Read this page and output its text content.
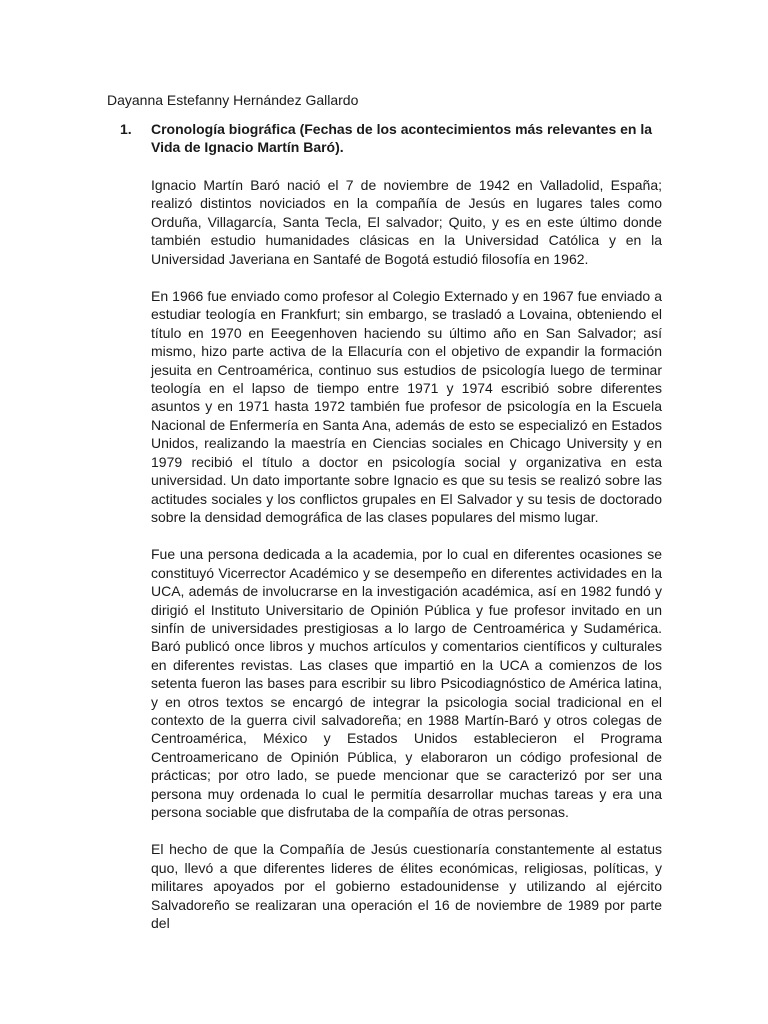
Dayanna Estefanny Hernández Gallardo
1.	Cronología biográfica (Fechas de los acontecimientos más relevantes en la Vida de Ignacio Martín Baró).

Ignacio Martín Baró nació el 7 de noviembre de 1942 en Valladolid, España; realizó distintos noviciados en la compañía de Jesús en lugares tales como Orduña, Villagarcía, Santa Tecla, El salvador; Quito, y es en este último donde también estudio humanidades clásicas en la Universidad Católica y en la Universidad Javeriana en Santafé de Bogotá estudió filosofía en 1962.

En 1966 fue enviado como profesor al Colegio Externado y en 1967 fue enviado a estudiar teología en Frankfurt; sin embargo, se trasladó a Lovaina, obteniendo el título en 1970 en Eeegenhoven haciendo su último año en San Salvador; así mismo, hizo parte activa de la Ellacuría con el objetivo de expandir la formación jesuita en Centroamérica, continuo sus estudios de psicología luego de terminar teología en el lapso de tiempo entre 1971 y 1974 escribió sobre diferentes asuntos y en 1971 hasta 1972 también fue profesor de psicología en la Escuela Nacional de Enfermería en Santa Ana, además de esto se especializó en Estados Unidos, realizando la maestría en Ciencias sociales en Chicago University y en 1979 recibió el título a doctor en psicología social y organizativa en esta universidad. Un dato importante sobre Ignacio es que su tesis se realizó sobre las actitudes sociales y los conflictos grupales en El Salvador y su tesis de doctorado sobre la densidad demográfica de las clases populares del mismo lugar.

Fue una persona dedicada a la academia, por lo cual en diferentes ocasiones se constituyó Vicerrector Académico y se desempeño en diferentes actividades en la UCA, además de involucrarse en la investigación académica, así en 1982 fundó y dirigió el Instituto Universitario de Opinión Pública y fue profesor invitado en un sinfín de universidades prestigiosas a lo largo de Centroamérica y Sudamérica. Baró publicó once libros y muchos artículos y comentarios científicos y culturales en diferentes revistas. Las clases que impartió en la UCA a comienzos de los setenta fueron las bases para escribir su libro Psicodiagnóstico de América latina, y en otros textos se encargó de integrar la psicologia social tradicional en el contexto de la guerra civil salvadoreña; en 1988 Martín-Baró y otros colegas de Centroamérica, México y Estados Unidos establecieron el Programa Centroamericano de Opinión Pública, y elaboraron un código profesional de prácticas; por otro lado, se puede mencionar que se caracterizó por ser una persona muy ordenada lo cual le permitía desarrollar muchas tareas y era una persona sociable que disfrutaba de la compañía de otras personas.

El hecho de que la Compañía de Jesús cuestionaría constantemente al estatus quo, llevó a que diferentes lideres de élites económicas, religiosas, políticas, y militares apoyados por el gobierno estadounidense y utilizando al ejército Salvadoreño se realizaran una operación el 16 de noviembre de 1989 por parte del
